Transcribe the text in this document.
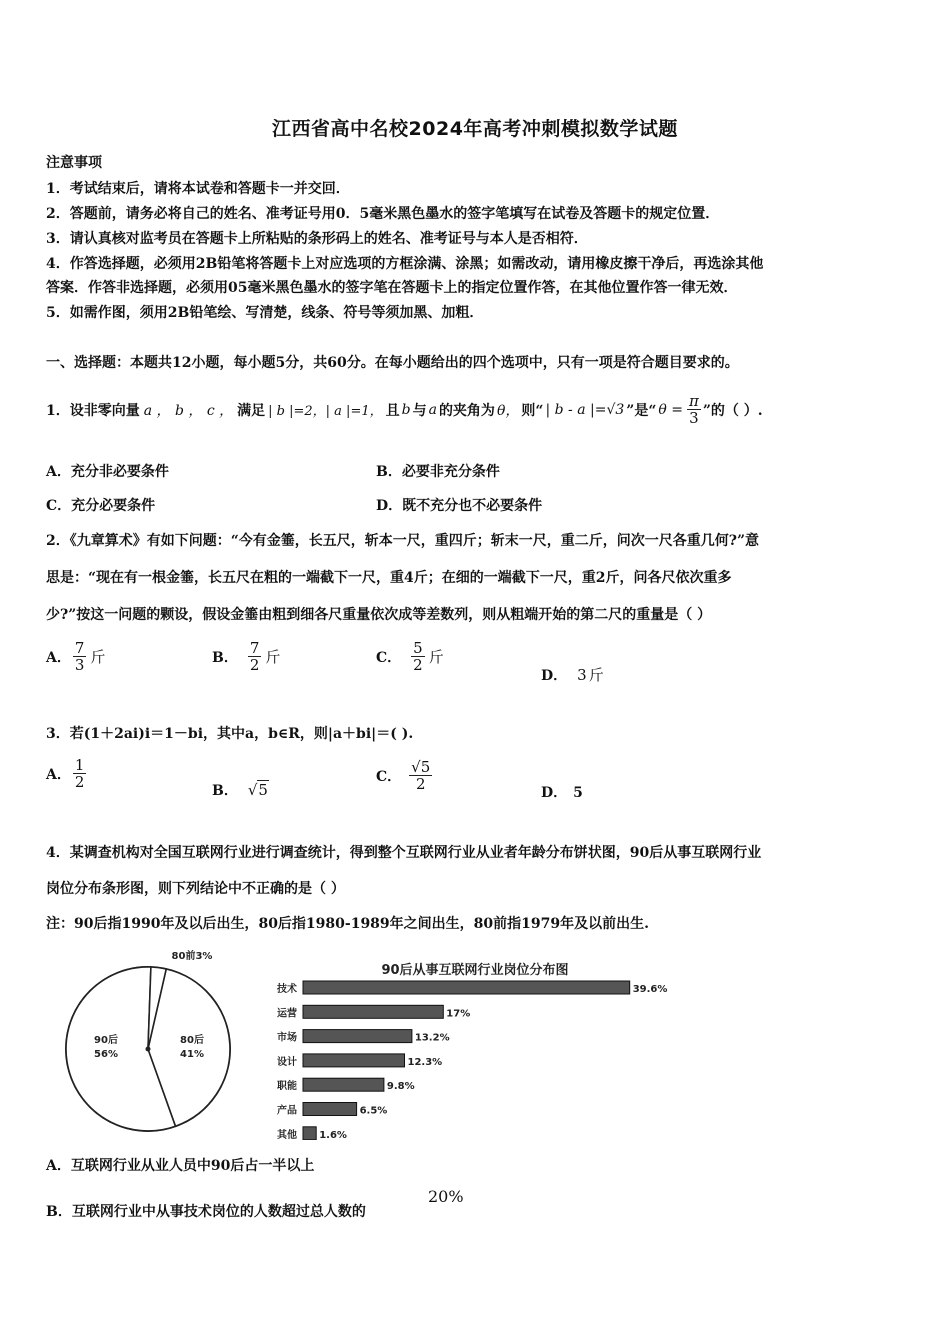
江西省高中名校2024年高考冲刺模拟数学试题
注意事项
1．考试结束后，请将本试卷和答题卡一并交回．
2．答题前，请务必将自己的姓名、准考证号用0．5毫米黑色墨水的签字笔填写在试卷及答题卡的规定位置．
3．请认真核对监考员在答题卡上所粘贴的条形码上的姓名、准考证号与本人是否相符．
4．作答选择题，必须用2B铅笔将答题卡上对应选项的方框涂满、涂黑；如需改动，请用橡皮擦干净后，再选涂其他
答案．作答非选择题，必须用05毫米黑色墨水的签字笔在答题卡上的指定位置作答，在其他位置作答一律无效．
5．如需作图，须用2B铅笔绘、写清楚，线条、符号等须加黑、加粗．
一、选择题：本题共12小题，每小题5分，共60分。在每小题给出的四个选项中，只有一项是符合题目要求的。
1．设非零向量 a ， b ， c ， 满足 | b |=2，| a |=1， 且 b 与 a 的夹角为 θ， 则“ | b - a |=√3 ”是“ $\theta = \frac{\pi}{3}$ ”的（ ）.
A．充分非必要条件	B．必要非充分条件
C．充分必要条件	D．既不充分也不必要条件
2．《九章算术》有如下问题：“今有金箠，长五尺，斩本一尺，重四斤；斩末一尺，重二斤，问次一尺各重几何?”意
思是：“现在有一根金箠，长五尺在粗的一端截下一尺，重4斤；在细的一端截下一尺，重2斤，问各尺依次重多
少?”按这一问题的颗设，假设金箠由粗到细各尺重量依次成等差数列，则从粗端开始的第二尺的重量是（ ）
A． $\frac{7}{3}$ 斤	B． $\frac{7}{2}$ 斤	C． $\frac{5}{2}$ 斤
D． 3 斤
3．若(1＋2ai)i＝1－bi，其中a，b∈R，则|a＋bi|＝( ).
A． $\frac{1}{2}$
B． √5
C． $\frac{√5}{2}$
D． 5
4．某调查机构对全国互联网行业进行调查统计，得到整个互联网行业从业者年龄分布饼状图，90后从事互联网行业
岗位分布条形图，则下列结论中不正确的是（ ）
注：90后指1990年及以后出生，80后指1980-1989年之间出生，80前指1979年及以前出生.
90后
56%
80后
41%
80前3%
90后从事互联网行业岗位分布图
技术	39.6%
运营	17%
市场	13.2%
设计	12.3%
职能	9.8%
产品	6.5%
其他 1.6%
A．互联网行业从业人员中90后占一半以上
B．互联网行业中从事技术岗位的人数超过总人数的
20%
